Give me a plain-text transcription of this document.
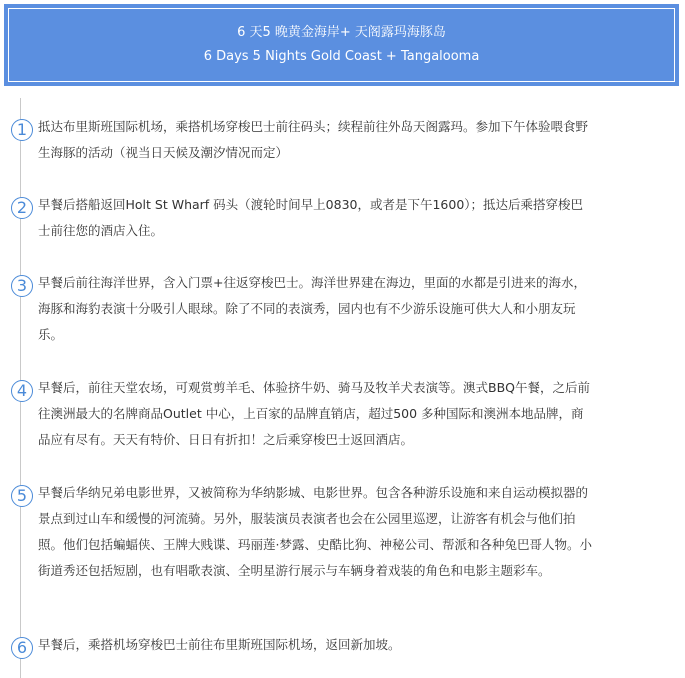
6 天5 晚黄金海岸+ 天阁露玛海豚岛
6 Days 5 Nights Gold Coast + Tangalooma
1 抵达布里斯班国际机场，乘搭机场穿梭巴士前往码头；续程前往外岛天阁露玛。参加下午体验喂食野生海豚的活动（视当日天候及潮汐情况而定）
2 早餐后搭船返回Holt St Wharf 码头（渡轮时间早上0830，或者是下午1600）；抵达后乘搭穿梭巴士前往您的酒店入住。
3 早餐后前往海洋世界，含入门票+往返穿梭巴士。海洋世界建在海边，里面的水都是引进来的海水，海豚和海豹表演十分吸引人眼球。除了不同的表演秀，园内也有不少游乐设施可供大人和小朋友玩乐。
4 早餐后，前往天堂农场，可观赏剪羊毛、体验挤牛奶、骑马及牧羊犬表演等。澳式BBQ午餐，之后前往澳洲最大的名牌商品Outlet 中心，上百家的品牌直销店，超过500 多种国际和澳洲本地品牌，商品应有尽有。天天有特价、日日有折扣！之后乘穿梭巴士返回酒店。
5 早餐后华纳兄弟电影世界，又被简称为华纳影城、电影世界。包含各种游乐设施和来自运动模拟器的景点到过山车和缓慢的河流骑。另外，服装演员表演者也会在公园里巡逻，让游客有机会与他们拍照。他们包括蝙蝠侠、王牌大贱谍、玛丽莲·梦露、史酷比狗、神秘公司、帮派和各种兔巴哥人物。小街道秀还包括短剧，也有唱歌表演、全明星游行展示与车辆身着戏装的角色和电影主题彩车。
6 早餐后，乘搭机场穿梭巴士前往布里斯班国际机场，返回新加坡。
